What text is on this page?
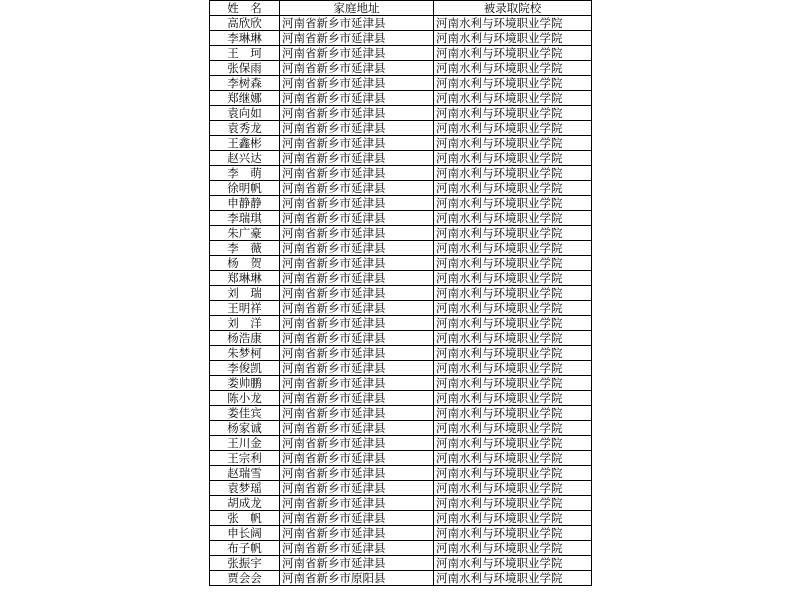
姓　名	家庭地址	被录取院校
高欣欣	河南省新乡市延津县	河南水利与环境职业学院
李琳琳	河南省新乡市延津县	河南水利与环境职业学院
王　珂	河南省新乡市延津县	河南水利与环境职业学院
张保雨	河南省新乡市延津县	河南水利与环境职业学院
李树森	河南省新乡市延津县	河南水利与环境职业学院
郑继娜	河南省新乡市延津县	河南水利与环境职业学院
袁向如	河南省新乡市延津县	河南水利与环境职业学院
袁秀龙	河南省新乡市延津县	河南水利与环境职业学院
王鑫彬	河南省新乡市延津县	河南水利与环境职业学院
赵兴达	河南省新乡市延津县	河南水利与环境职业学院
李　萌	河南省新乡市延津县	河南水利与环境职业学院
徐明帆	河南省新乡市延津县	河南水利与环境职业学院
申静静	河南省新乡市延津县	河南水利与环境职业学院
李瑞琪	河南省新乡市延津县	河南水利与环境职业学院
朱广豪	河南省新乡市延津县	河南水利与环境职业学院
李　薇	河南省新乡市延津县	河南水利与环境职业学院
杨　贺	河南省新乡市延津县	河南水利与环境职业学院
郑琳琳	河南省新乡市延津县	河南水利与环境职业学院
刘　瑞	河南省新乡市延津县	河南水利与环境职业学院
王明祥	河南省新乡市延津县	河南水利与环境职业学院
刘　洋	河南省新乡市延津县	河南水利与环境职业学院
杨浩康	河南省新乡市延津县	河南水利与环境职业学院
朱梦柯	河南省新乡市延津县	河南水利与环境职业学院
李俊凯	河南省新乡市延津县	河南水利与环境职业学院
娄帅鹏	河南省新乡市延津县	河南水利与环境职业学院
陈小龙	河南省新乡市延津县	河南水利与环境职业学院
娄佳宾	河南省新乡市延津县	河南水利与环境职业学院
杨家诚	河南省新乡市延津县	河南水利与环境职业学院
王川金	河南省新乡市延津县	河南水利与环境职业学院
王宗利	河南省新乡市延津县	河南水利与环境职业学院
赵瑞雪	河南省新乡市延津县	河南水利与环境职业学院
袁梦瑶	河南省新乡市延津县	河南水利与环境职业学院
胡成龙	河南省新乡市延津县	河南水利与环境职业学院
张　帆	河南省新乡市延津县	河南水利与环境职业学院
申长阔	河南省新乡市延津县	河南水利与环境职业学院
布子帆	河南省新乡市延津县	河南水利与环境职业学院
张振宇	河南省新乡市延津县	河南水利与环境职业学院
贾会会	河南省新乡市原阳县	河南水利与环境职业学院
